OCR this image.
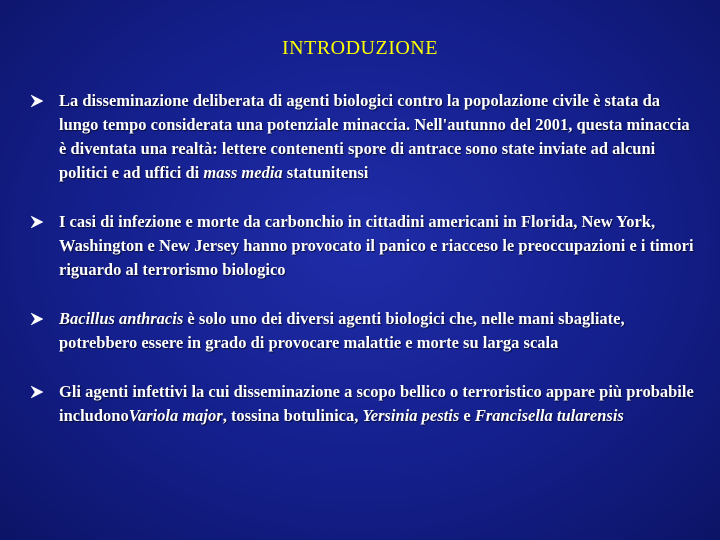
INTRODUZIONE
La disseminazione deliberata di agenti biologici contro la popolazione civile è stata da lungo tempo considerata una potenziale minaccia. Nell'autunno del 2001, questa minaccia è diventata una realtà: lettere contenenti spore di antrace sono state inviate ad alcuni politici e ad uffici di mass media statunitensi
I casi di infezione e morte da carbonchio in cittadini americani in Florida, New York, Washington e New Jersey hanno provocato il panico e riacceso le preoccupazioni e i timori riguardo al terrorismo biologico
Bacillus anthracis è solo uno dei diversi agenti biologici che, nelle mani sbagliate, potrebbero essere in grado di provocare malattie e morte su larga scala
Gli agenti infettivi la cui disseminazione a scopo bellico o terroristico appare più probabile includonoVariola major, tossina botulinica, Yersinia pestis e Francisella tularensis
